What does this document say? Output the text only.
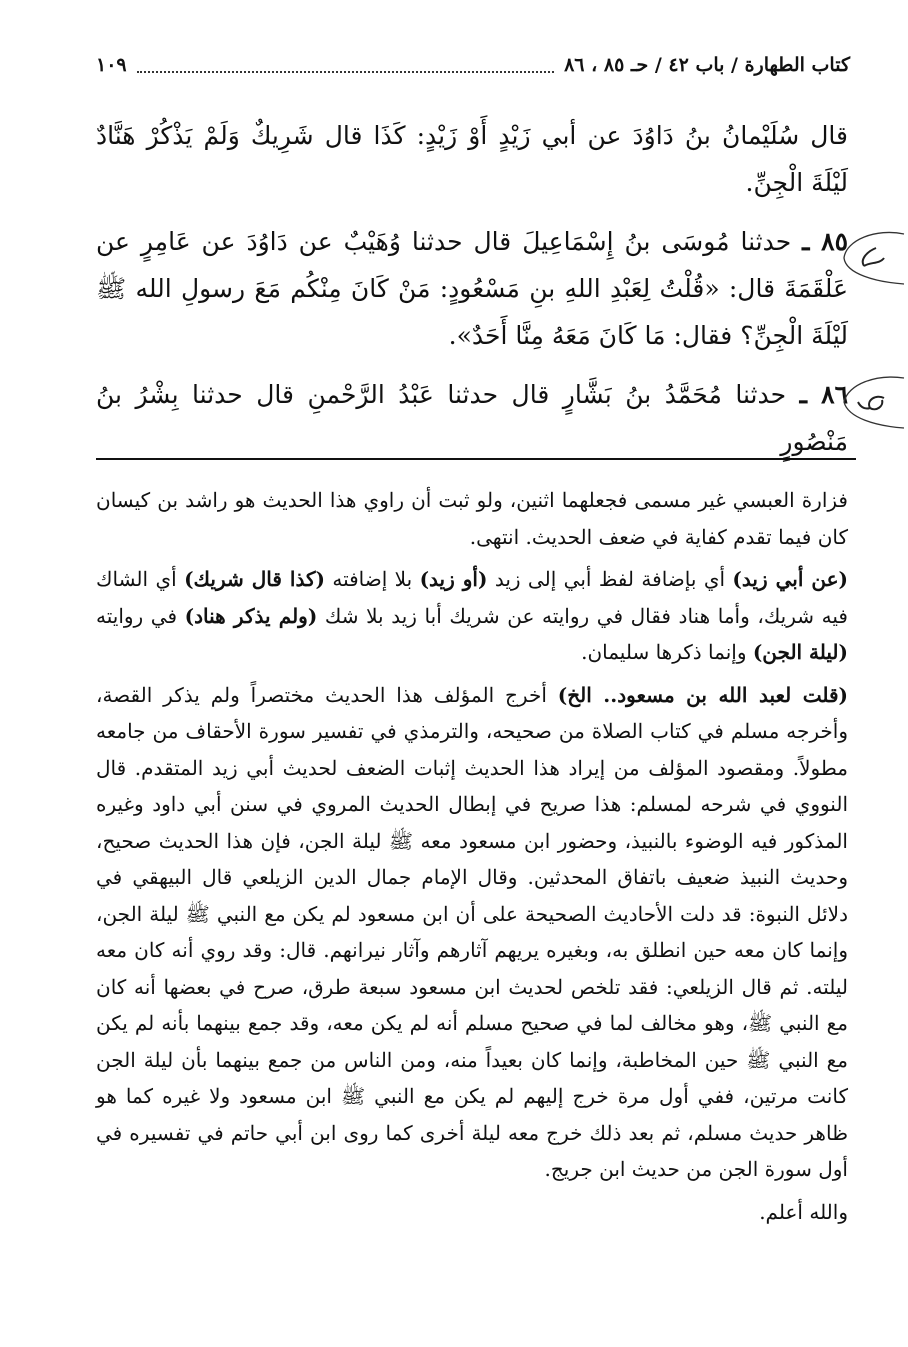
كتاب الطهارة / باب ٤٢ / حـ ٨٥ ، ٨٦
١٠٩

قال سُلَيْمانُ بنُ دَاوُدَ عن أبي زَيْدٍ أَوْ زَيْدٍ: كَذَا قال شَرِيكٌ وَلَمْ يَذْكُرْ هَنَّادٌ لَيْلَةَ الْجِنِّ.

٨٥ ـ حدثنا مُوسَى بنُ إِسْمَاعِيلَ قال حدثنا وُهَيْبٌ عن دَاوُدَ عن عَامِرٍ عن عَلْقَمَةَ قال: «قُلْتُ لِعَبْدِ اللهِ بنِ مَسْعُودٍ: مَنْ كَانَ مِنْكُم مَعَ رسولِ الله ﷺ لَيْلَةَ الْجِنِّ؟ فقال: مَا كَانَ مَعَهُ مِنَّا أَحَدٌ».

٨٦ ـ حدثنا مُحَمَّدُ بنُ بَشَّارٍ قال حدثنا عَبْدُ الرَّحْمنِ قال حدثنا بِشْرُ بنُ مَنْصُورٍ

فزارة العبسي غير مسمى فجعلهما اثنين، ولو ثبت أن راوي هذا الحديث هو راشد بن كيسان كان فيما تقدم كفاية في ضعف الحديث. انتهى.

(عن أبي زيد) أي بإضافة لفظ أبي إلى زيد (أو زيد) بلا إضافته (كذا قال شريك) أي الشاك فيه شريك، وأما هناد فقال في روايته عن شريك أبا زيد بلا شك (ولم يذكر هناد) في روايته (ليلة الجن) وإنما ذكرها سليمان.

(قلت لعبد الله بن مسعود.. الخ) أخرج المؤلف هذا الحديث مختصراً ولم يذكر القصة، وأخرجه مسلم في كتاب الصلاة من صحيحه، والترمذي في تفسير سورة الأحقاف من جامعه مطولاً. ومقصود المؤلف من إيراد هذا الحديث إثبات الضعف لحديث أبي زيد المتقدم. قال النووي في شرحه لمسلم: هذا صريح في إبطال الحديث المروي في سنن أبي داود وغيره المذكور فيه الوضوء بالنبيذ، وحضور ابن مسعود معه ﷺ ليلة الجن، فإن هذا الحديث صحيح، وحديث النبيذ ضعيف باتفاق المحدثين. وقال الإمام جمال الدين الزيلعي قال البيهقي في دلائل النبوة: قد دلت الأحاديث الصحيحة على أن ابن مسعود لم يكن مع النبي ﷺ ليلة الجن، وإنما كان معه حين انطلق به، وبغيره يريهم آثارهم وآثار نيرانهم. قال: وقد روي أنه كان معه ليلته. ثم قال الزيلعي: فقد تلخص لحديث ابن مسعود سبعة طرق، صرح في بعضها أنه كان مع النبي ﷺ، وهو مخالف لما في صحيح مسلم أنه لم يكن معه، وقد جمع بينهما بأنه لم يكن مع النبي ﷺ حين المخاطبة، وإنما كان بعيداً منه، ومن الناس من جمع بينهما بأن ليلة الجن كانت مرتين، ففي أول مرة خرج إليهم لم يكن مع النبي ﷺ ابن مسعود ولا غيره كما هو ظاهر حديث مسلم، ثم بعد ذلك خرج معه ليلة أخرى كما روى ابن أبي حاتم في تفسيره في أول سورة الجن من حديث ابن جريج.

والله أعلم.
